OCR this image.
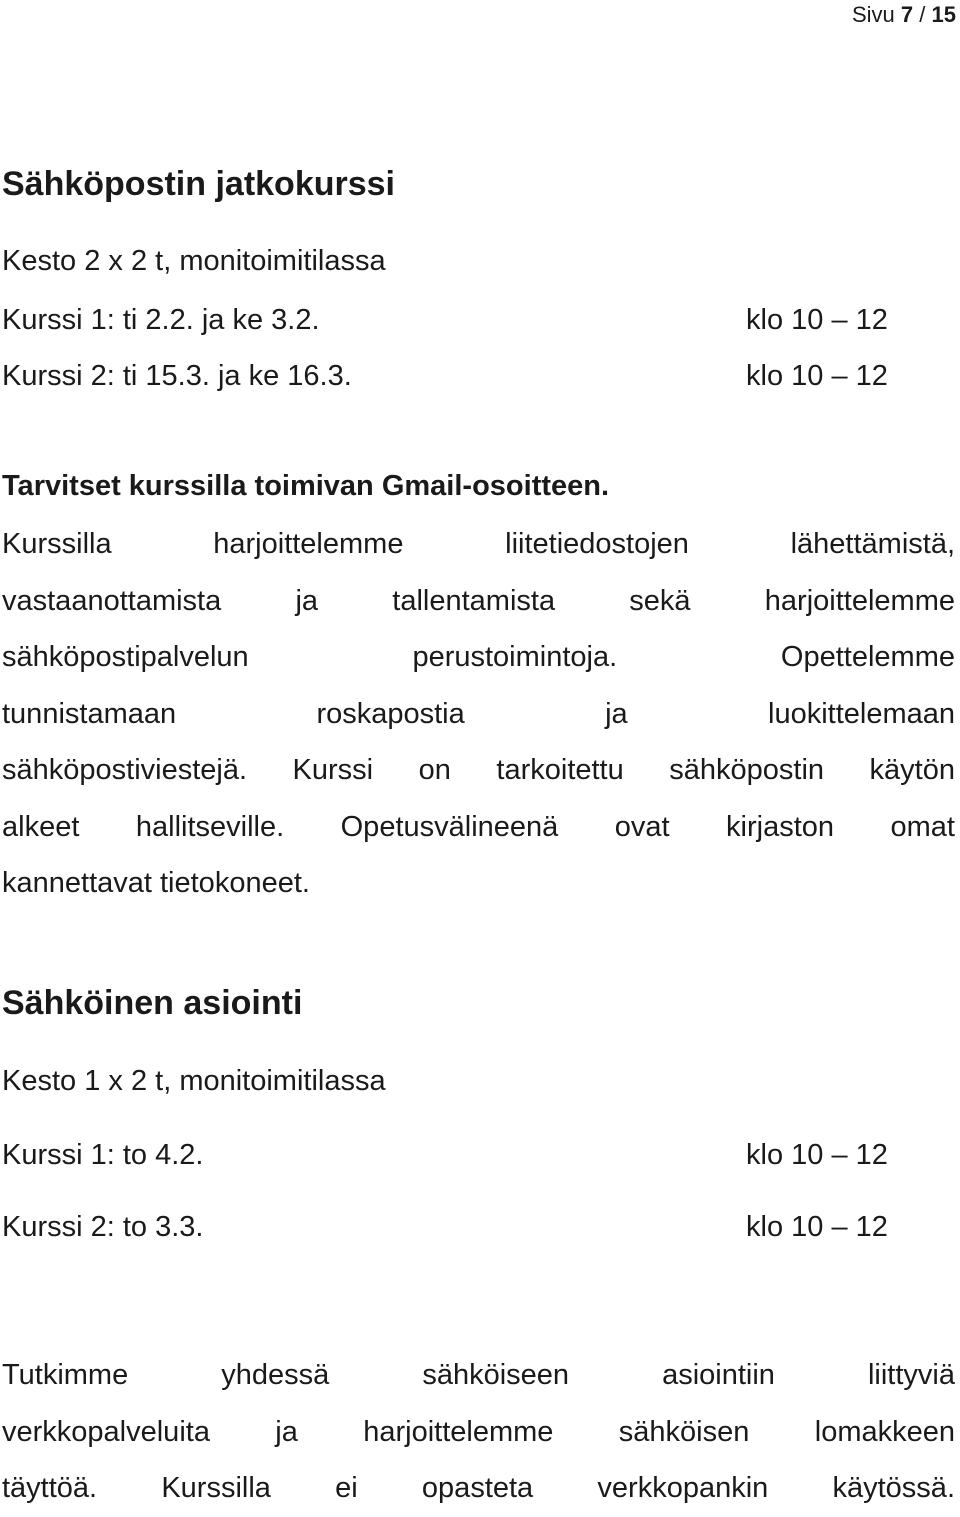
Sivu 7 / 15
Sähköpostin jatkokurssi

Kesto 2 x 2 t, monitoimitilassa

Kurssi 1: ti 2.2. ja ke 3.2.	klo 10 – 12

Kurssi 2: ti 15.3. ja ke 16.3.	klo 10 – 12

Tarvitset kurssilla toimivan Gmail-osoitteen.

Kurssilla harjoittelemme liitetiedostojen lähettämistä,
vastaanottamista ja tallentamista sekä harjoittelemme
sähköpostipalvelun perustoimintoja. Opettelemme
tunnistamaan roskapostia ja luokittelemaan
sähköpostiviestejä. Kurssi on tarkoitettu sähköpostin käytön
alkeet hallitseville. Opetusvälineenä ovat kirjaston omat
kannettavat tietokoneet.
Sähköinen asiointi

Kesto 1 x 2 t, monitoimitilassa

Kurssi 1: to 4.2.	klo 10 – 12

Kurssi 2: to 3.3.	klo 10 – 12
Tutkimme yhdessä sähköiseen asiointiin liittyviä
verkkopalveluita ja harjoittelemme sähköisen lomakkeen
täyttöä. Kurssilla ei opasteta verkkopankin käytössä.
